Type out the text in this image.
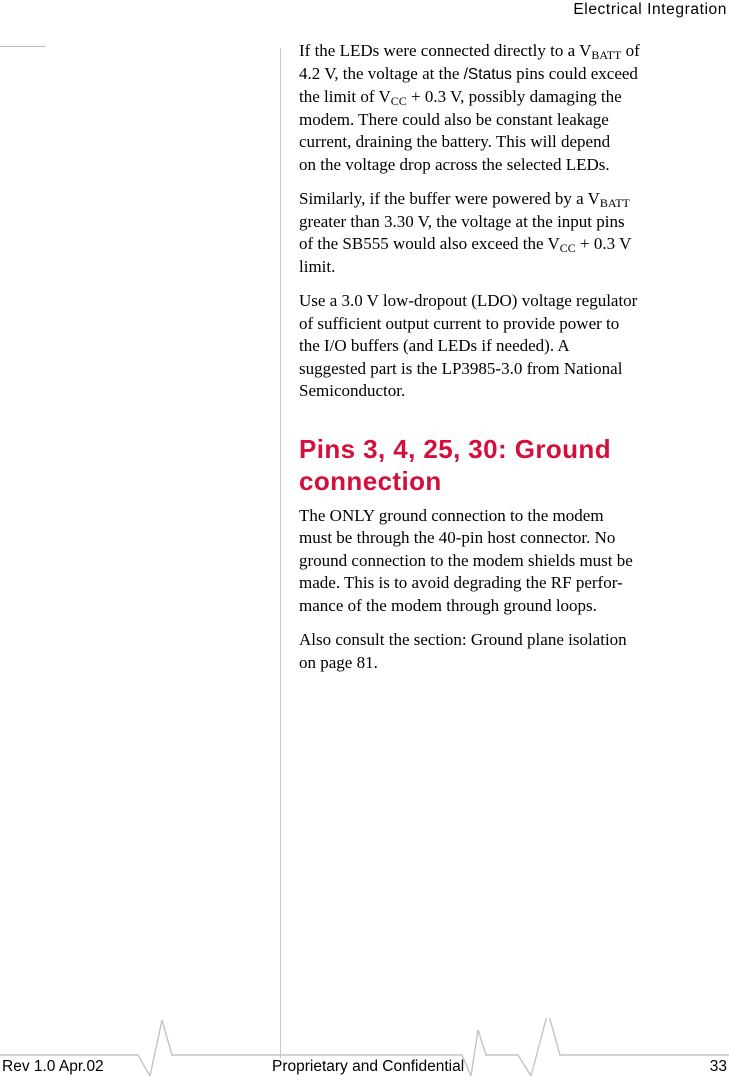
Electrical Integration

If the LEDs were connected directly to a $V_{BATT}$ of
4.2 V, the voltage at the /Status pins could exceed
the limit of $V_{CC} + 0.3$ V, possibly damaging the
modem. There could also be constant leakage
current, draining the battery. This will depend
on the voltage drop across the selected LEDs.

Similarly, if the buffer were powered by a $V_{BATT}$
greater than 3.30 V, the voltage at the input pins
of the SB555 would also exceed the $V_{CC} + 0.3$ V
limit.

Use a 3.0 V low-dropout (LDO) voltage regulator
of sufficient output current to provide power to
the I/O buffers (and LEDs if needed). A
suggested part is the LP3985-3.0 from National
Semiconductor.

Pins 3, 4, 25, 30: Ground
connection

The ONLY ground connection to the modem
must be through the 40-pin host connector. No
ground connection to the modem shields must be
made. This is to avoid degrading the RF perfor-
mance of the modem through ground loops.

Also consult the section: Ground plane isolation
on page 81.

Rev 1.0 Apr.02	Proprietary and Confidential	33
